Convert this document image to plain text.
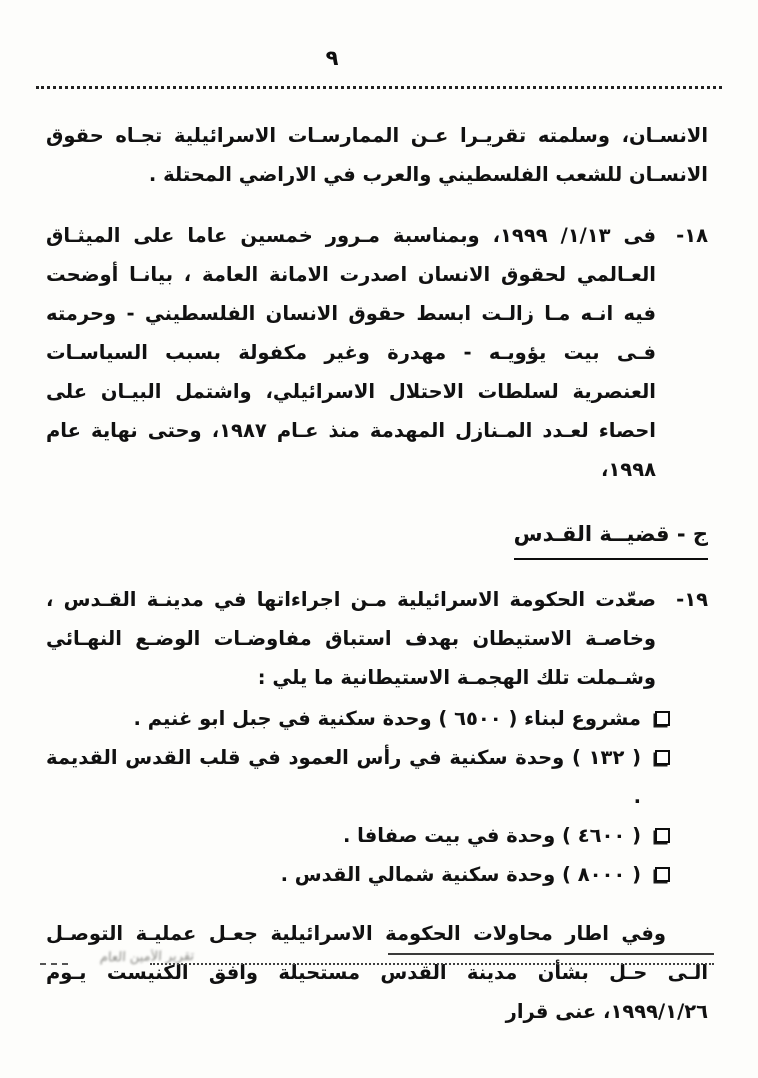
٩

الانسـان، وسلمته تقريـرا عـن الممارسـات الاسرائيلية تجـاه حقوق الانسـان للشعب الفلسطيني والعرب في الاراضي المحتلة .

١٨-

فى ١/١٣/ ١٩٩٩، وبمناسبة مـرور خمسين عاما على الميثـاق العـالمي لحقوق الانسان اصدرت الامانة العامة ، بيانـا أوضحت فيه انـه مـا زالـت ابسط حقوق الانسان الفلسطيني - وحرمته فـى بيت يؤويـه - مهدرة وغير مكفولة بسبب السياسـات العنصرية لسلطات الاحتلال الاسرائيلي، واشتمل البيـان على احصاء لعـدد المـنازل المهدمة منذ عـام ١٩٨٧، وحتى نهاية عام ١٩٩٨،

ج - قضيــة القـدس
١٩-

صعّدت الحكومة الاسرائيلية مـن اجراءاتها في مدينـة القـدس ، وخاصـة الاستيطان بهدف استباق مفاوضـات الوضـع النهـائي وشـملت تلك الهجمـة الاستيطانية ما يلي :

مشروع لبناء ( ٦٥٠٠ ) وحدة سكنية في جبل ابو غنيم .
( ١٣٢ ) وحدة سكنية في رأس العمود في قلب القدس القديمة .
( ٤٦٠٠ ) وحدة في بيت صفافا .
( ٨٠٠٠ ) وحدة سكنية شمالي القدس .

وفي اطار محاولات الحكومة الاسرائيلية جعـل عمليـة التوصـل الـى حـل بشأن مدينة القدس مستحيلة وافق الكنيست يـوم ١٩٩٩/١/٢٦، عنى قرار

تقرير الأمين العام
